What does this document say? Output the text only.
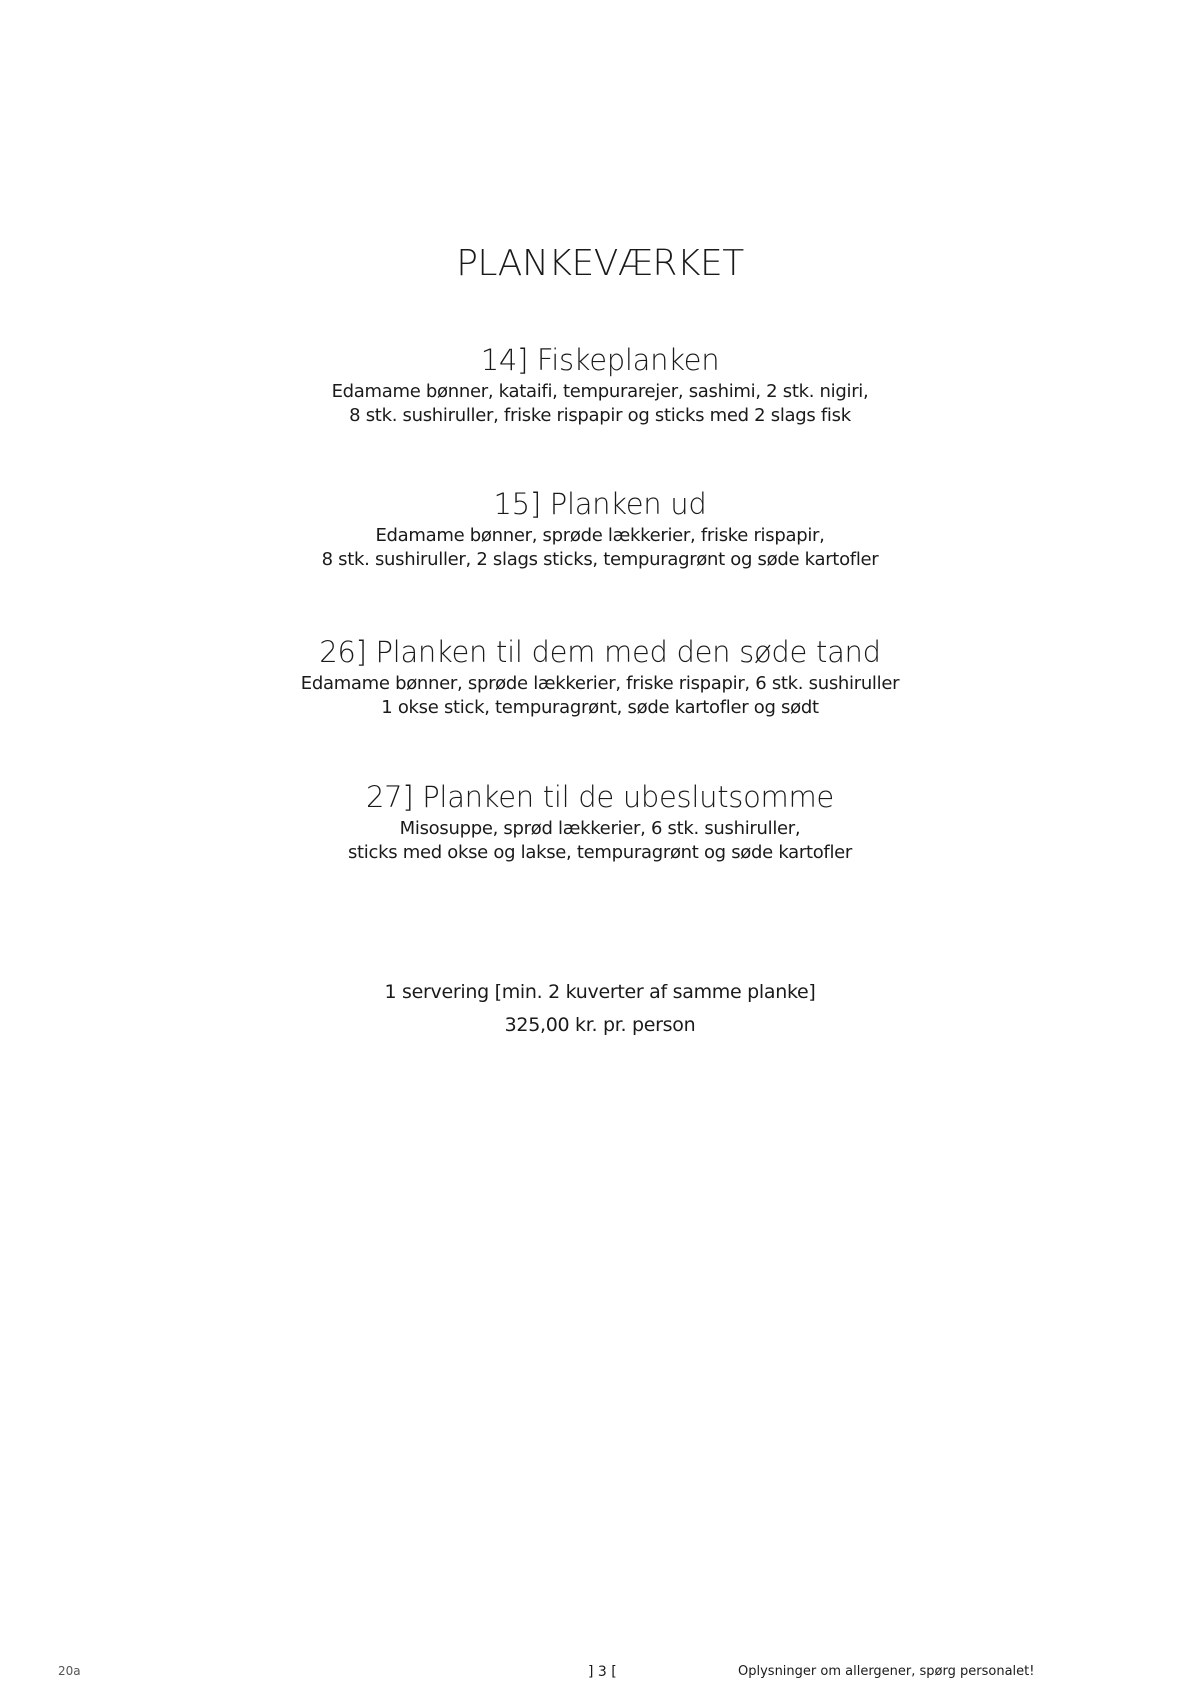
PLANKEVÆRKET
14] Fiskeplanken
Edamame bønner, kataifi, tempurarejer, sashimi, 2 stk. nigiri,
8 stk. sushiruller, friske rispapir og sticks med 2 slags fisk
15] Planken ud
Edamame bønner, sprøde lækkerier, friske rispapir,
8 stk. sushiruller, 2 slags sticks, tempuragrønt og søde kartofler
26] Planken til dem med den søde tand
Edamame bønner, sprøde lækkerier, friske rispapir, 6 stk. sushiruller
1 okse stick, tempuragrønt, søde kartofler og sødt
27] Planken til de ubeslutsomme
Misosuppe, sprød lækkerier, 6 stk. sushiruller,
sticks med okse og lakse, tempuragrønt og søde kartofler
1 servering [min. 2 kuverter af samme planke]
325,00 kr. pr. person
20a	] 3 [	Oplysninger om allergener, spørg personalet!
